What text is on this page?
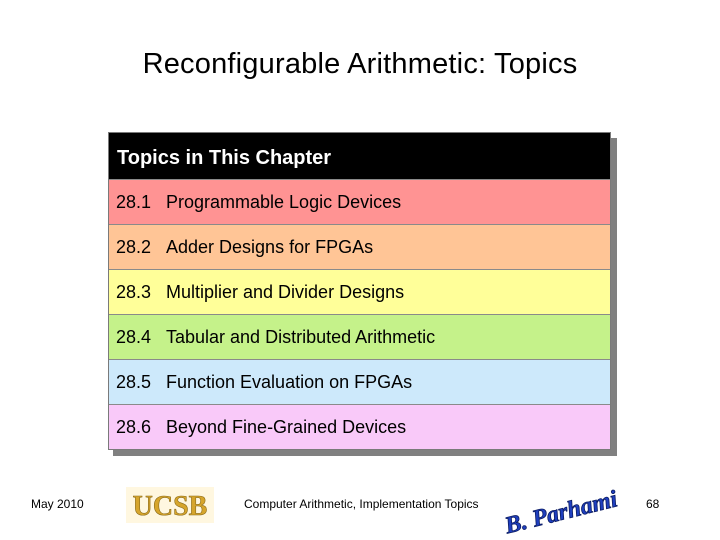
Reconfigurable Arithmetic: Topics
Topics in This Chapter
28.1 Programmable Logic Devices
28.2 Adder Designs for FPGAs
28.3 Multiplier and Divider Designs
28.4 Tabular and Distributed Arithmetic
28.5 Function Evaluation on FPGAs
28.6 Beyond Fine-Grained Devices
May 2010 UCSB	Computer Arithmetic, Implementation Topics B. Parhami 68
